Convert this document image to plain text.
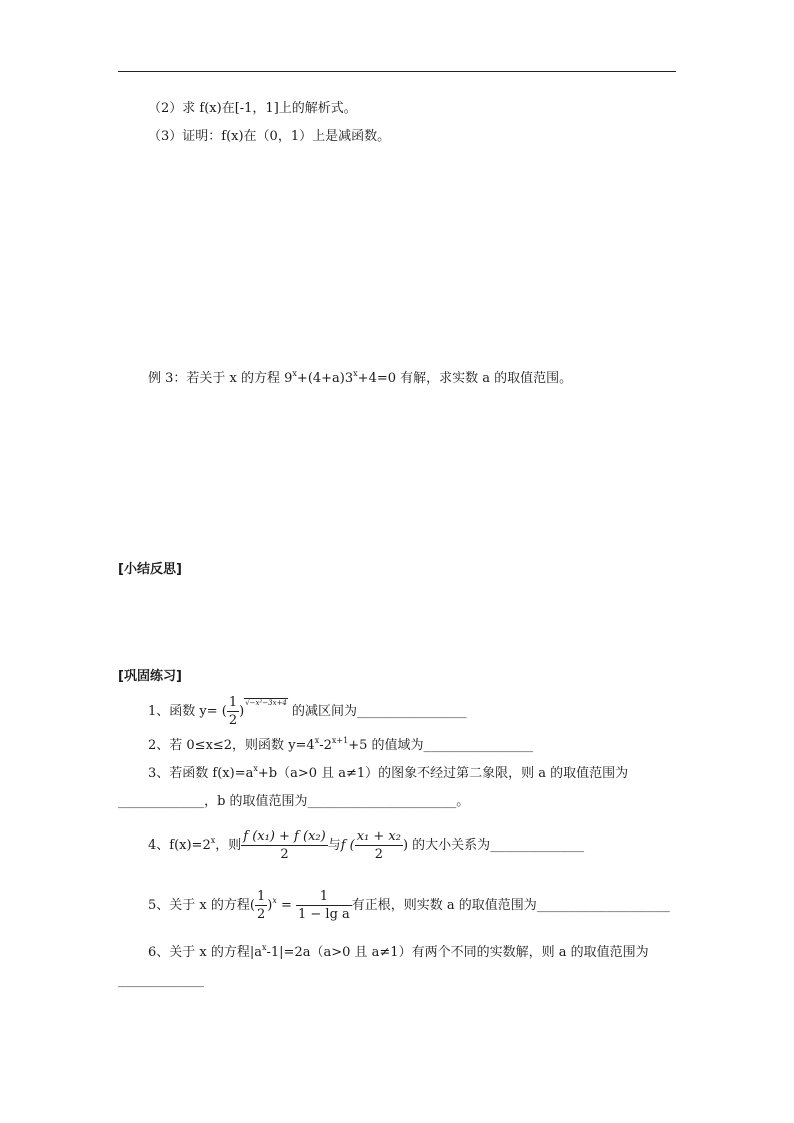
（2）求 f(x)在[-1，1]上的解析式。
（3）证明：f(x)在（0，1）上是减函数。
例 3：若关于 x 的方程 $9^x+(4+a)3^x+4=0$ 有解，求实数 a 的取值范围。
[小结反思]
[巩固练习]
1、函数 y= ( $\frac{1}{2} )^{√-x^2-3x+4}$ 的减区间为______________
2、若 0≤x≤2，则函数 $y=4^x-2^{x+1}+5$ 的值域为______________
3、若函数 $f(x)=a^x+b(a>0$ 且 a≠1）的图象不经过第二象限，则 a 的取值范围为
___________，b 的取值范围为___________________。
4、$f(x)=2^x$，则 $\frac{\text{f (x₁) + f (x₂)}}{2}$ 与f ( $\frac{\text{x₁ + x₂}}{2}$ ) 的大小关系为____________
5、关于 x 的方程( $\frac{1}{2} )^x = \frac{1}{\text{1 − lg a}}$ 有正根，则实数 a 的取值范围为_________________
6、关于 x 的方程$|a^x-1|=2a(a>0$ 且 a≠1）有两个不同的实数解，则 a 的取值范围为
___________
